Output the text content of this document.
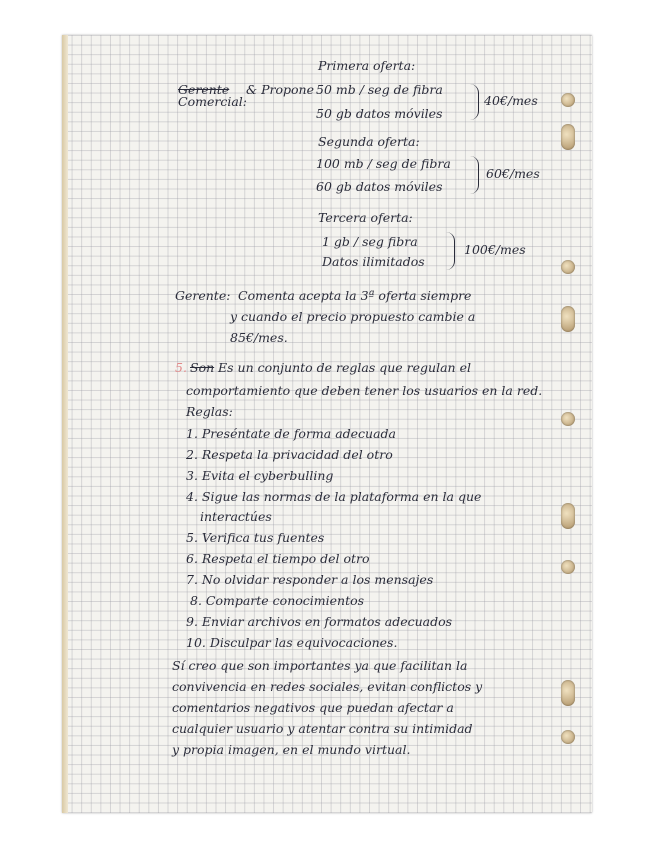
Primera oferta:
Gerente & Propone
Comercial:
50 mb / seg de fibra
50 gb datos móviles
40€/mes
Segunda oferta:
100 mb / seg de fibra
60 gb datos móviles
60€/mes
Tercera oferta:
1 gb / seg fibra
Datos ilimitados
100€/mes
Gerente: Comenta acepta la 3ª oferta siempre
y cuando el precio propuesto cambie a
85€/mes.
5. Son Es un conjunto de reglas que regulan el
comportamiento que deben tener los usuarios en la red.
Reglas:
1. Preséntate de forma adecuada
2. Respeta la privacidad del otro
3. Evita el cyberbulling
4. Sigue las normas de la plataforma en la que
interactúes
5. Verifica tus fuentes
6. Respeta el tiempo del otro
7. No olvidar responder a los mensajes
8. Comparte conocimientos
9. Enviar archivos en formatos adecuados
10. Disculpar las equivocaciones.
Sí creo que son importantes ya que facilitan la
convivencia en redes sociales, evitan conflictos y
comentarios negativos que puedan afectar a
cualquier usuario y atentar contra su intimidad
y propia imagen, en el mundo virtual.
